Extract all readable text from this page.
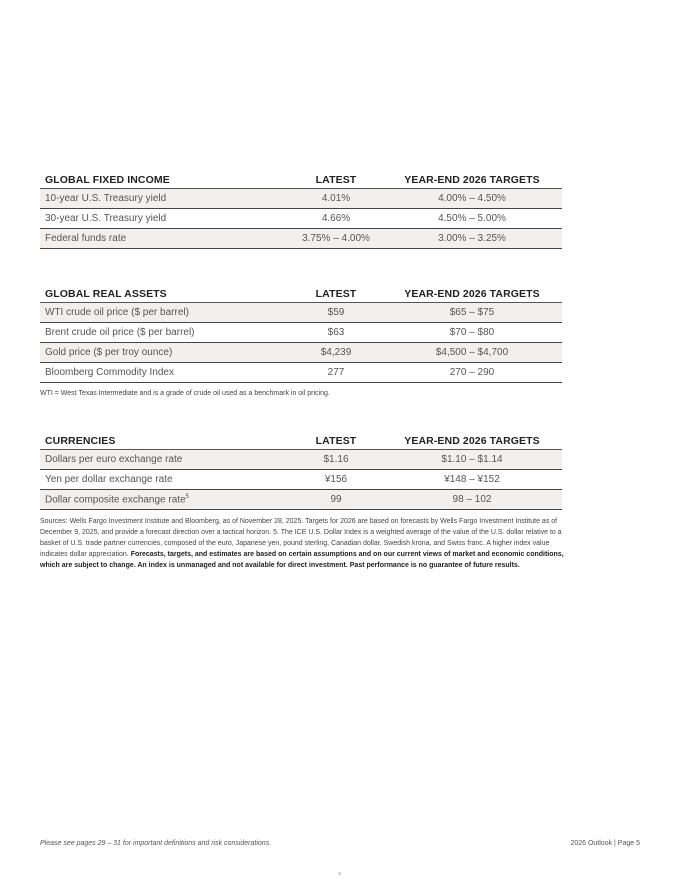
GLOBAL FIXED INCOME	LATEST	YEAR-END 2026 TARGETS
10-year U.S. Treasury yield	4.01%	4.00% – 4.50%
30-year U.S. Treasury yield	4.66%	4.50% – 5.00%
Federal funds rate	3.75% – 4.00%	3.00% – 3.25%
GLOBAL REAL ASSETS	LATEST	YEAR-END 2026 TARGETS
WTI crude oil price ($ per barrel)	$59	$65 – $75
Brent crude oil price ($ per barrel)	$63	$70 – $80
Gold price ($ per troy ounce)	$4,239	$4,500 – $4,700
Bloomberg Commodity Index	277	270 – 290
WTI = West Texas Intermediate and is a grade of crude oil used as a benchmark in oil pricing.
CURRENCIES	LATEST	YEAR-END 2026 TARGETS
Dollars per euro exchange rate	$1.16	$1.10 – $1.14
Yen per dollar exchange rate	¥156	¥148 – ¥152
Dollar composite exchange rate$^5$	99	98 – 102
Sources: Wells Fargo Investment Institute and Bloomberg, as of November 28, 2025. Targets for 2026 are based on forecasts by Wells Fargo Investment Institute as of December 9, 2025, and provide a forecast direction over a tactical horizon. 5. The ICE U.S. Dollar Index is a weighted average of the value of the U.S. dollar relative to a basket of U.S. trade partner currencies, composed of the euro, Japanese yen, pound sterling, Canadian dollar, Swedish krona, and Swiss franc. A higher index value indicates dollar appreciation. Forecasts, targets, and estimates are based on certain assumptions and on our current views of market and economic conditions, which are subject to change. An index is unmanaged and not available for direct investment. Past performance is no guarantee of future results.
Please see pages 29 – 31 for important definitions and risk considerations.	2026 Outlook | Page 5
